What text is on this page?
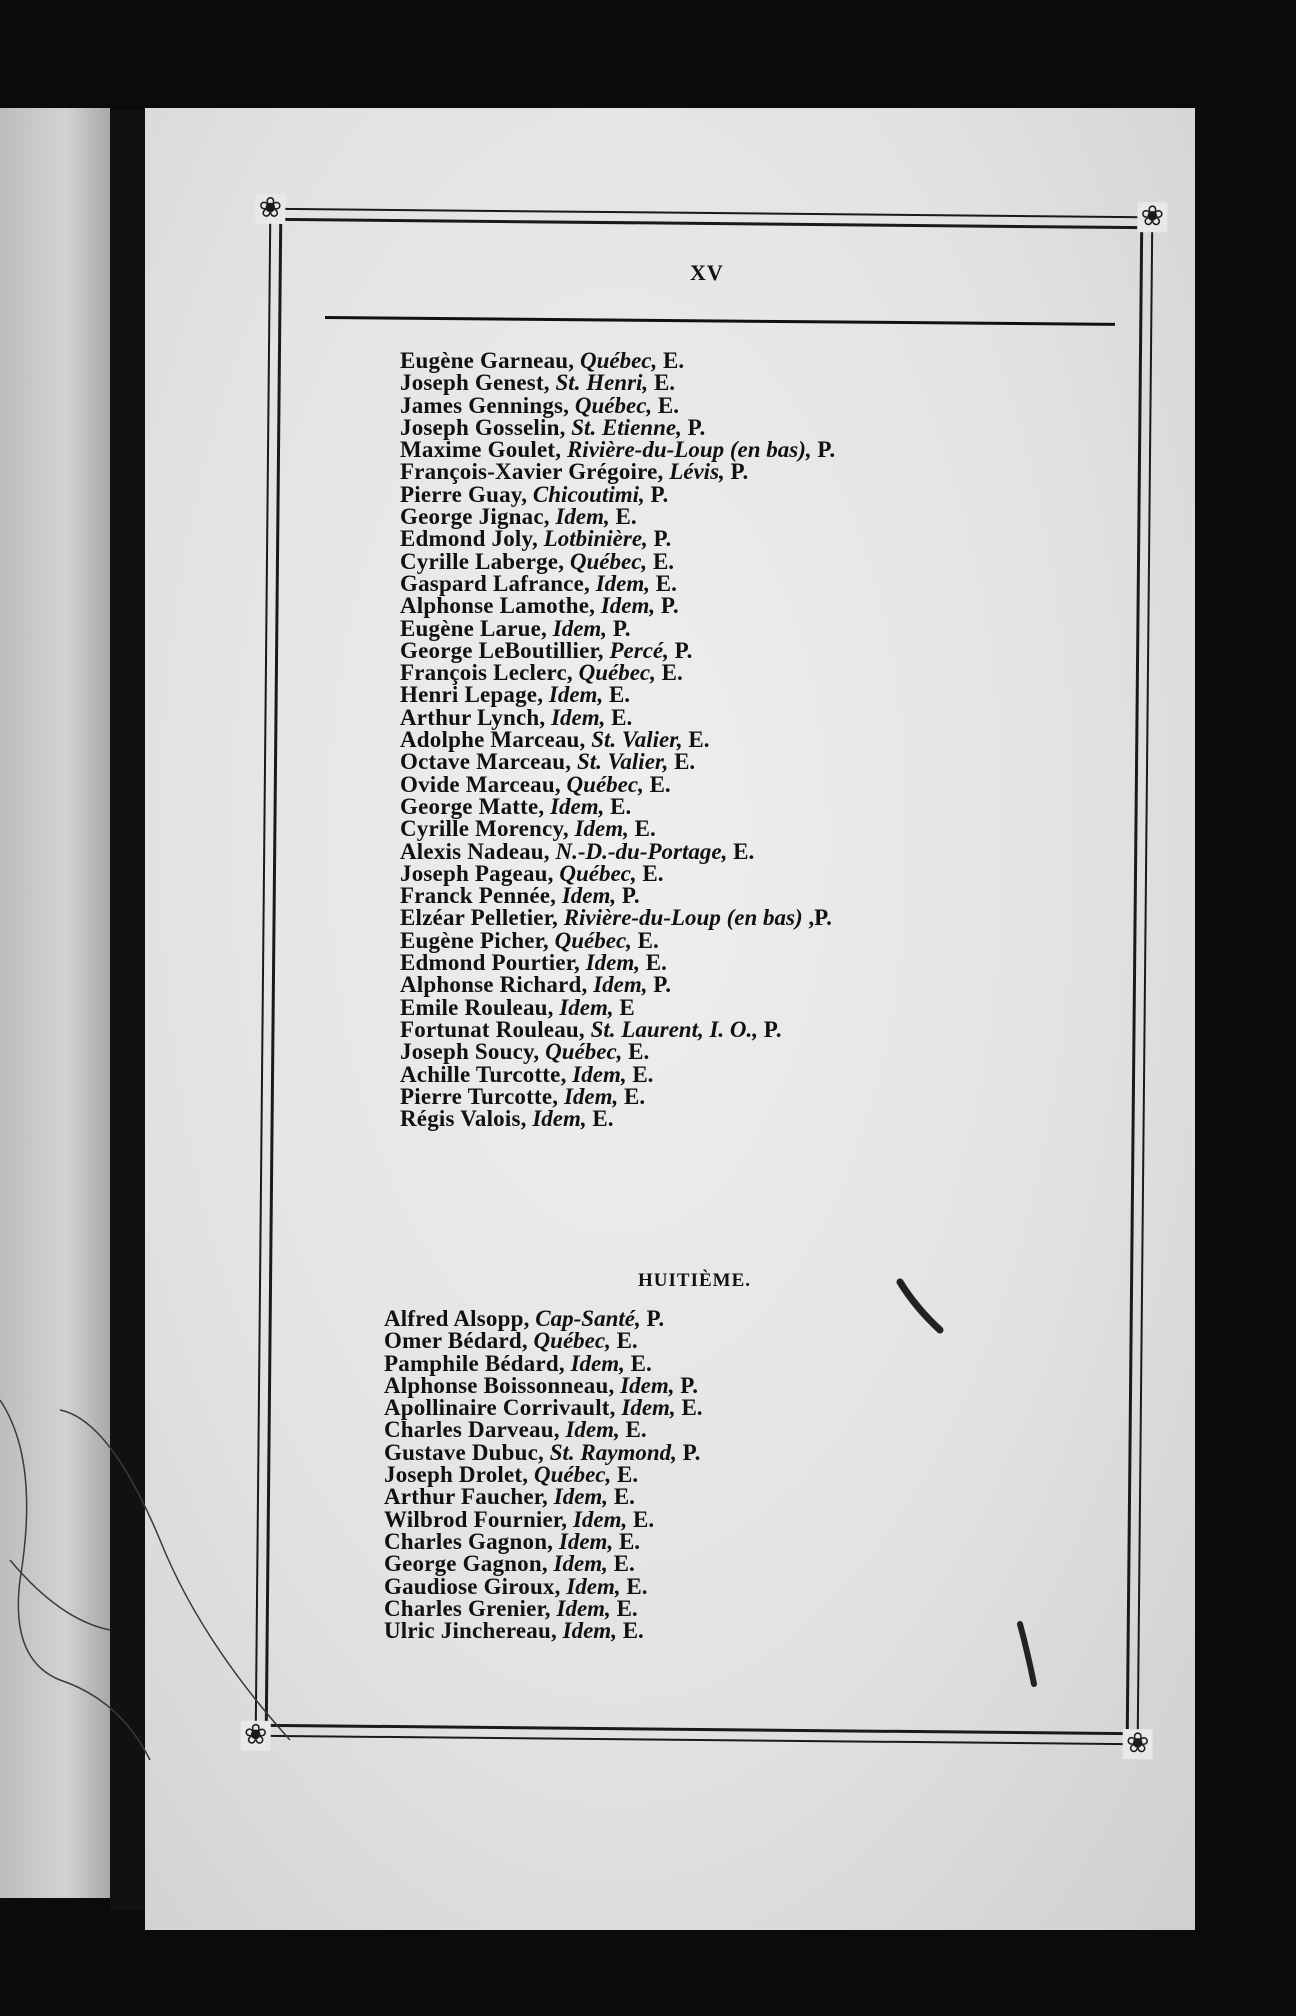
❀	❀
❀	❀
XV
Eugène Garneau, Québec, E.
Joseph Genest, St. Henri, E.
James Gennings, Québec, E.
Joseph Gosselin, St. Etienne, P.
Maxime Goulet, Rivière-du-Loup (en bas), P.
François-Xavier Grégoire, Lévis, P.
Pierre Guay, Chicoutimi, P.
George Jignac, Idem, E.
Edmond Joly, Lotbinière, P.
Cyrille Laberge, Québec, E.
Gaspard Lafrance, Idem, E.
Alphonse Lamothe, Idem, P.
Eugène Larue, Idem, P.
George LeBoutillier, Percé, P.
François Leclerc, Québec, E.
Henri Lepage, Idem, E.
Arthur Lynch, Idem, E.
Adolphe Marceau, St. Valier, E.
Octave Marceau, St. Valier, E.
Ovide Marceau, Québec, E.
George Matte, Idem, E.
Cyrille Morency, Idem, E.
Alexis Nadeau, N.-D.-du-Portage, E.
Joseph Pageau, Québec, E.
Franck Pennée, Idem, P.
Elzéar Pelletier, Rivière-du-Loup (en bas) ,P.
Eugène Picher, Québec, E.
Edmond Pourtier, Idem, E.
Alphonse Richard, Idem, P.
Emile Rouleau, Idem, E
Fortunat Rouleau, St. Laurent, I. O., P.
Joseph Soucy, Québec, E.
Achille Turcotte, Idem, E.
Pierre Turcotte, Idem, E.
Régis Valois, Idem, E.
HUITIÈME.
Alfred Alsopp, Cap-Santé, P.
Omer Bédard, Québec, E.
Pamphile Bédard, Idem, E.
Alphonse Boissonneau, Idem, P.
Apollinaire Corrivault, Idem, E.
Charles Darveau, Idem, E.
Gustave Dubuc, St. Raymond, P.
Joseph Drolet, Québec, E.
Arthur Faucher, Idem, E.
Wilbrod Fournier, Idem, E.
Charles Gagnon, Idem, E.
George Gagnon, Idem, E.
Gaudiose Giroux, Idem, E.
Charles Grenier, Idem, E.
Ulric Jinchereau, Idem, E.
